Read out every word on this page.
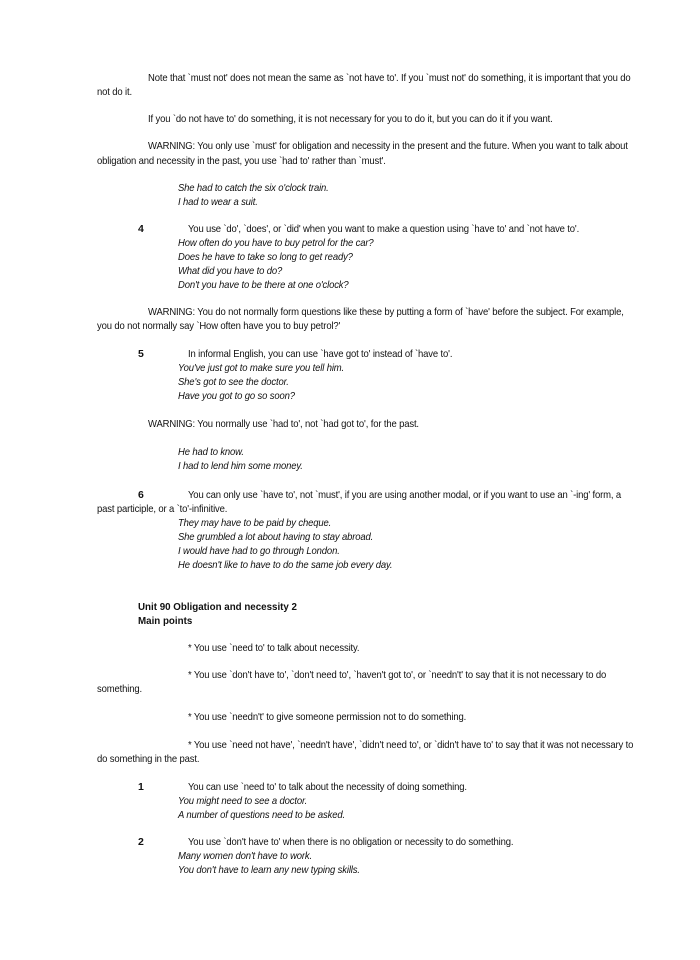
Note that `must not' does not mean the same as `not have to'. If you `must not' do something, it is important that you do
not do it.
If you `do not have to' do something, it is not necessary for you to do it, but you can do it if you want.
WARNING: You only use `must' for obligation and necessity in the present and the future. When you want to talk about
obligation and necessity in the past, you use `had to' rather than `must'.
She had to catch the six o'clock train.
I had to wear a suit.
4	You use `do', `does', or `did' when you want to make a question using `have to' and `not have to'.
How often do you have to buy petrol for the car?
Does he have to take so long to get ready?
What did you have to do?
Don't you have to be there at one o'clock?
WARNING: You do not normally form questions like these by putting a form of `have' before the subject. For example,
you do not normally say `How often have you to buy petrol?'
5	In informal English, you can use `have got to' instead of `have to'.
You've just got to make sure you tell him.
She's got to see the doctor.
Have you got to go so soon?
WARNING: You normally use `had to', not `had got to', for the past.
He had to know.
I had to lend him some money.
6	You can only use `have to', not `must', if you are using another modal, or if you want to use an `-ing' form, a
past participle, or a `to'-infinitive.
They may have to be paid by cheque.
She grumbled a lot about having to stay abroad.
I would have had to go through London.
He doesn't like to have to do the same job every day.
Unit 90 Obligation and necessity 2
Main points
* You use `need to' to talk about necessity.
* You use `don't have to', `don't need to', `haven't got to', or `needn't' to say that it is not necessary to do
something.
* You use `needn't' to give someone permission not to do something.
* You use `need not have', `needn't have', `didn't need to', or `didn't have to' to say that it was not necessary to
do something in the past.
1	You can use `need to' to talk about the necessity of doing something.
You might need to see a doctor.
A number of questions need to be asked.
2	You use `don't have to' when there is no obligation or necessity to do something.
Many women don't have to work.
You don't have to learn any new typing skills.
